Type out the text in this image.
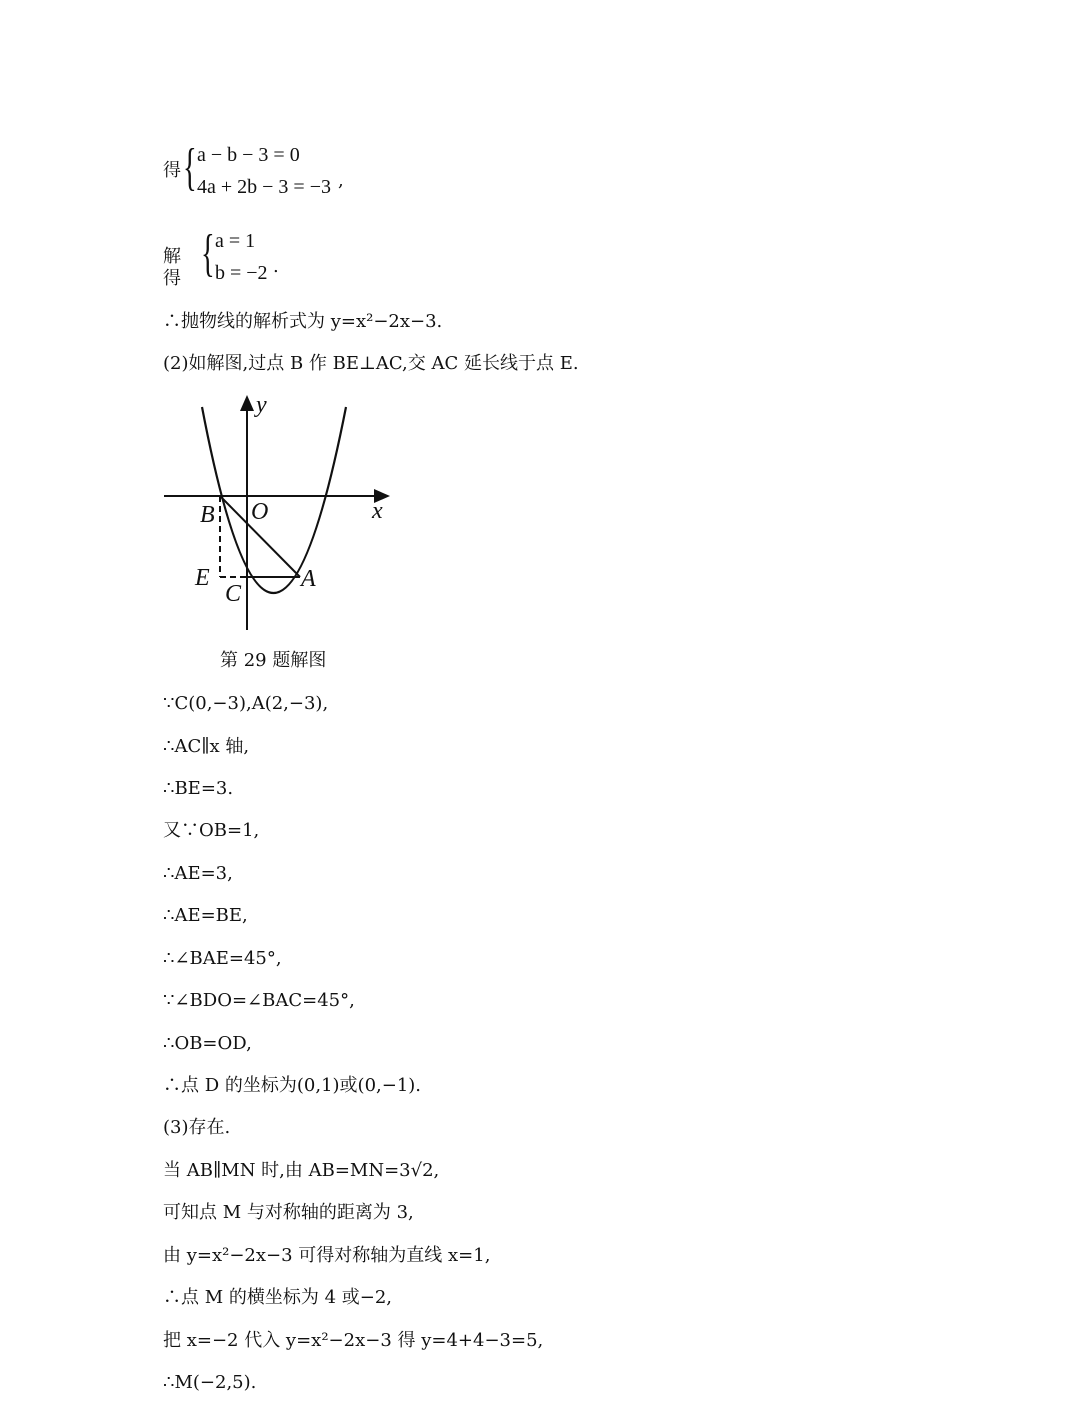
得 { a − b − 3 = 0
4a + 2b − 3 = −3 ,
解得 { a = 1
b = −2 .
∴抛物线的解析式为 y=x²−2x−3.
(2)如解图,过点 B 作 BE⊥AC,交 AC 延长线于点 E.
y
x
O
B
E
C
A
第 29 题解图
∵C(0,−3),A(2,−3),
∴AC∥x 轴,
∴BE=3.
又∵OB=1,
∴AE=3,
∴AE=BE,
∴∠BAE=45°,
∵∠BDO=∠BAC=45°,
∴OB=OD,
∴点 D 的坐标为(0,1)或(0,−1).
(3)存在.
当 AB∥MN 时,由 AB=MN=3√2,
可知点 M 与对称轴的距离为 3,
由 y=x²−2x−3 可得对称轴为直线 x=1,
∴点 M 的横坐标为 4 或−2,
把 x=−2 代入 y=x²−2x−3 得 y=4+4−3=5,
∴M(−2,5).
